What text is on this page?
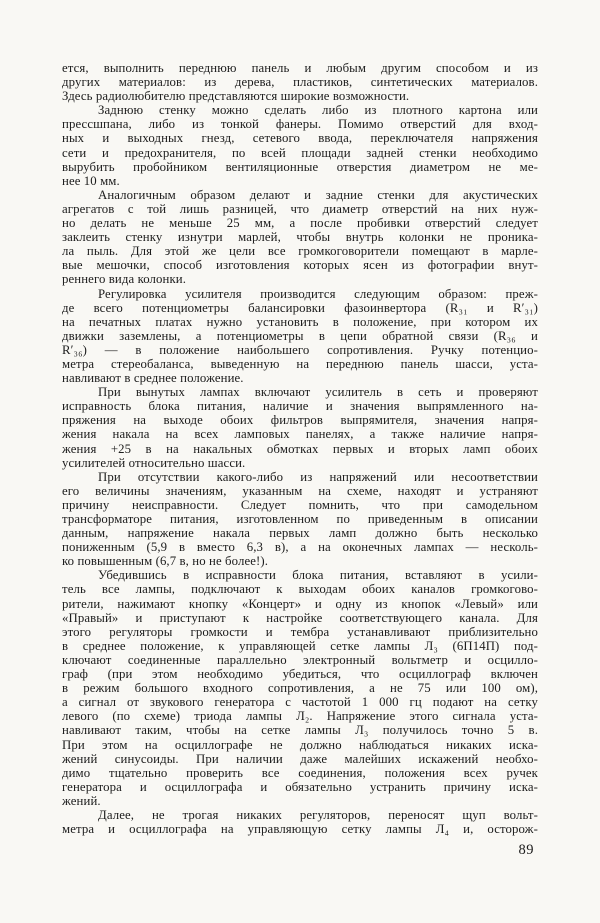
ется, выполнить переднюю панель и любым другим способом и из
других материалов: из дерева, пластиков, синтетических материалов.
Здесь радиолюбителю представляются широкие возможности.
Заднюю стенку можно сделать либо из плотного картона или
прессшпана, либо из тонкой фанеры. Помимо отверстий для вход-
ных и выходных гнезд, сетевого ввода, переключателя напряжения
сети и предохранителя, по всей площади задней стенки необходимо
вырубить пробойником вентиляционные отверстия диаметром не ме-
нее 10 мм.
Аналогичным образом делают и задние стенки для акустических
агрегатов с той лишь разницей, что диаметр отверстий на них нуж-
но делать не меньше 25 мм, а после пробивки отверстий следует
заклеить стенку изнутри марлей, чтобы внутрь колонки не проника-
ла пыль. Для этой же цели все громкоговорители помещают в марле-
вые мешочки, способ изготовления которых ясен из фотографии внут-
реннего вида колонки.
Регулировка усилителя производится следующим образом: преж-
де всего потенциометры балансировки фазоинвертора (R₃₁ и R′₃₁)
на печатных платах нужно установить в положение, при котором их
движки заземлены, а потенциометры в цепи обратной связи (R₃₆ и
R′₃₆) — в положение наибольшего сопротивления. Ручку потенцио-
метра стереобаланса, выведенную на переднюю панель шасси, уста-
навливают в среднее положение.
При вынутых лампах включают усилитель в сеть и проверяют
исправность блока питания, наличие и значения выпрямленного на-
пряжения на выходе обоих фильтров выпрямителя, значения напря-
жения накала на всех ламповых панелях, а также наличие напря-
жения +25 в на накальных обмотках первых и вторых ламп обоих
усилителей относительно шасси.
При отсутствии какого-либо из напряжений или несоответствии
его величины значениям, указанным на схеме, находят и устраняют
причину неисправности. Следует помнить, что при самодельном
трансформаторе питания, изготовленном по приведенным в описании
данным, напряжение накала первых ламп должно быть несколько
пониженным (5,9 в вместо 6,3 в), а на оконечных лампах — несколь-
ко повышенным (6,7 в, но не более!).
Убедившись в исправности блока питания, вставляют в усили-
тель все лампы, подключают к выходам обоих каналов громкогово-
рители, нажимают кнопку «Концерт» и одну из кнопок «Левый» или
«Правый» и приступают к настройке соответствующего канала. Для
этого регуляторы громкости и тембра устанавливают приблизительно
в среднее положение, к управляющей сетке лампы Л₃ (6П14П) под-
ключают соединенные параллельно электронный вольтметр и осцилло-
граф (при этом необходимо убедиться, что осциллограф включен
в режим большого входного сопротивления, а не 75 или 100 ом),
а сигнал от звукового генератора с частотой 1 000 гц подают на сетку
левого (по схеме) триода лампы Л₂. Напряжение этого сигнала уста-
навливают таким, чтобы на сетке лампы Л₃ получилось точно 5 в.
При этом на осциллографе не должно наблюдаться никаких иска-
жений синусоиды. При наличии даже малейших искажений необхо-
димо тщательно проверить все соединения, положения всех ручек
генератора и осциллографа и обязательно устранить причину иска-
жений.
Далее, не трогая никаких регуляторов, переносят щуп вольт-
метра и осциллографа на управляющую сетку лампы Л₄ и, осторож-
89
